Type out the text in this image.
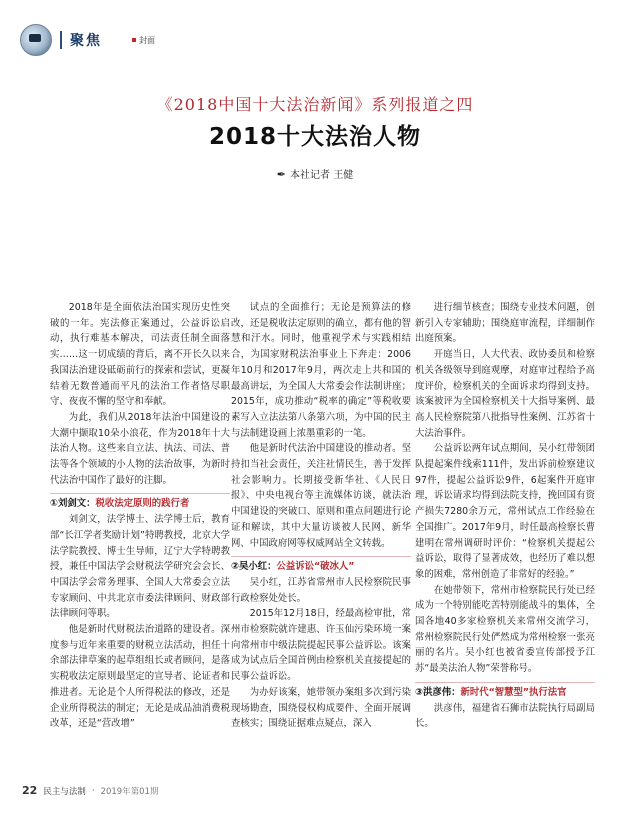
聚焦	封面
《2018中国十大法治新闻》系列报道之四
2018十大法治人物
✒ 本社记者 王健

2018年是全面依法治国实现历史性突破的一年。宪法修正案通过，公益诉讼启动，执行难基本解决，司法责任制全面落实……这一切成绩的背后，离不开长久以来我国法治建设砥砺前行的探索和尝试，更凝结着无数普通而平凡的法治工作者恪尽职守、夜夜不懈的坚守和奉献。

为此，我们从2018年法治中国建设的大潮中撷取10朵小浪花，作为2018年十大法治人物。这些来自立法、执法、司法、普法等各个领域的小人物的法治故事，为新时代法治中国作了最好的注脚。

①刘剑文：税收法定原则的践行者

刘剑文，法学博士、法学博士后，教育部“长江学者奖励计划”特聘教授，北京大学法学院教授、博士生导师，辽宁大学特聘教授，兼任中国法学会财税法学研究会会长、中国法学会常务理事、全国人大常委会立法专家顾问、中共北京市委法律顾问、财政部法律顾问等职。

他是新时代财税法治道路的建设者。深度参与近年来重要的财税立法活动，担任十余部法律草案的起草组组长或者顾问，是落实税收法定原则最坚定的宣导者、论证者和推进者。无论是个人所得税法的修改，还是企业所得税法的制定；无论是成品油消费税改革，还是“营改增”

试点的全面推行；无论是预算法的修改，还是税收法定原则的确立，都有他的智慧和汗水。同时，他重视学术与实践相结合，为国家财税法治事业上下奔走：2006年10月和2017年9月，两次走上共和国的最高讲坛，为全国人大常委会作法制讲座；2015年，成功推动“税率的确定”等税收要素写入立法法第八条第六项，为中国的民主与法制建设画上浓墨重彩的一笔。

他是新时代法治中国建设的推动者。坚持扣当社会责任，关注社情民生，善于发挥社会影响力。长期接受新华社、《人民日报》、中央电视台等主流媒体访谈，就法治中国建设的突破口、原则和重点问题进行论证和解读，其中大量访谈被人民网、新华网、中国政府网等权威网站全文转载。

②吴小红：公益诉讼“破冰人”

吴小红，江苏省常州市人民检察院民事行政检察处处长。

2015年12月18日，经最高检审批，常州市检察院就许建惠、许玉仙污染环境一案向常州市中级法院提起民事公益诉讼。该案成为试点后全国首例由检察机关直接提起的民事公益诉讼。

为办好该案，她带领办案组多次到污染现场勘查，围绕侵权构成要件、全面开展调查核实；围绕证据难点疑点，深入

进行细节核查；围绕专业技术问题，创新引入专家辅助；围绕庭审流程，详细制作出庭预案。

开庭当日，人大代表、政协委员和检察机关各级领导到庭观摩，对庭审过程给予高度评价，检察机关的全面诉求均得到支持。该案被评为全国检察机关十大指导案例、最高人民检察院第八批指导性案例、江苏省十大法治事件。

公益诉讼两年试点期间，吴小红带领团队提起案件线索111件，发出诉前检察建议97件，提起公益诉讼9件，6起案件开庭审理，诉讼请求均得到法院支持，挽回国有资产损失7280余万元，常州试点工作经验在全国推广。2017年9月，时任最高检察长曹建明在常州调研时评价：“检察机关提起公益诉讼，取得了显著成效，也经历了难以想象的困难，常州创造了非常好的经验。”

在她带领下，常州市检察院民行处已经成为一个特别能吃苦特别能战斗的集体，全国各地40多家检察机关来常州交流学习，常州检察院民行处俨然成为常州检察一张亮丽的名片。吴小红也被省委宣传部授予江苏“最美法治人物”荣誉称号。

③洪彦伟：新时代“智慧型”执行法官

洪彦伟，福建省石狮市法院执行局副局长。

22 民主与法制 · 2019年第01期
